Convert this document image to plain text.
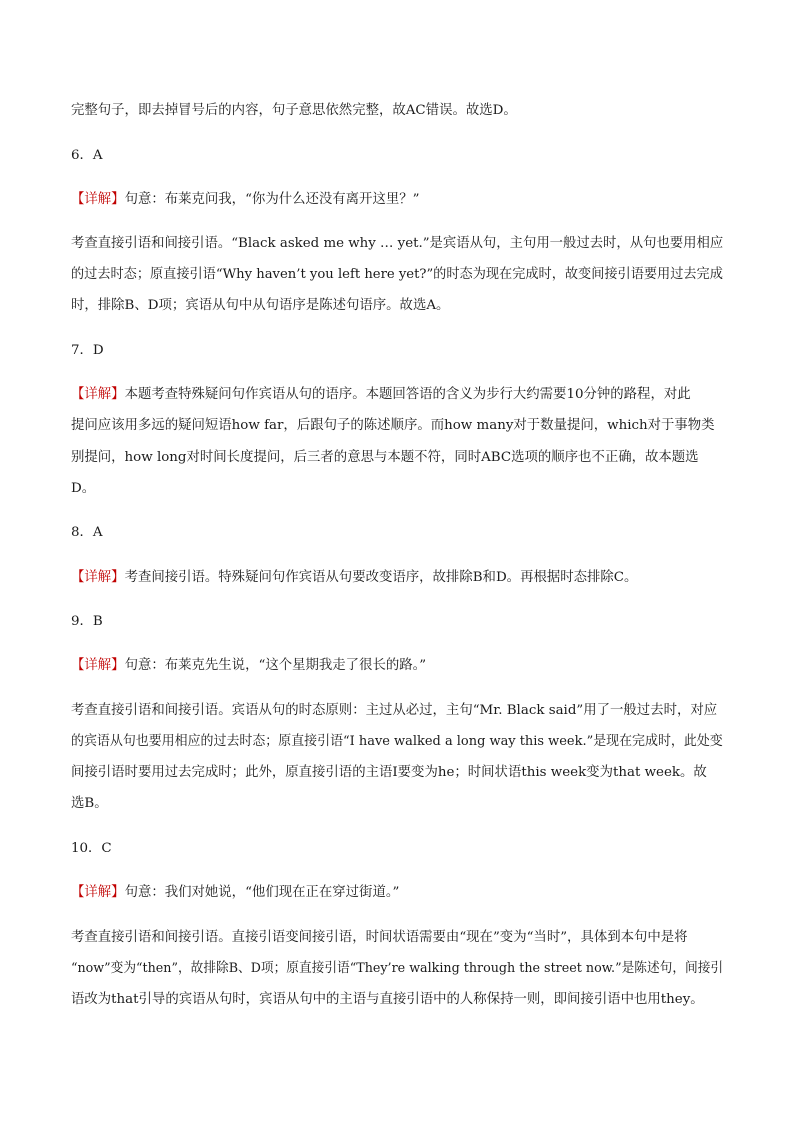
完整句子，即去掉冒号后的内容，句子意思依然完整，故AC错误。故选D。
6．A
【详解】句意：布莱克问我，“你为什么还没有离开这里？”
考查直接引语和间接引语。“Black asked me why … yet.”是宾语从句，主句用一般过去时，从句也要用相应
的过去时态；原直接引语“Why haven’t you left here yet?”的时态为现在完成时，故变间接引语要用过去完成
时，排除B、D项；宾语从句中从句语序是陈述句语序。故选A。
7．D
【详解】本题考查特殊疑问句作宾语从句的语序。本题回答语的含义为步行大约需要10分钟的路程，对此
提问应该用多远的疑问短语how far，后跟句子的陈述顺序。而how many对于数量提问，which对于事物类
别提问，how long对时间长度提问，后三者的意思与本题不符，同时ABC选项的顺序也不正确，故本题选
D。
8．A
【详解】考查间接引语。特殊疑问句作宾语从句要改变语序，故排除B和D。再根据时态排除C。
9．B
【详解】句意：布莱克先生说，“这个星期我走了很长的路。”
考查直接引语和间接引语。宾语从句的时态原则：主过从必过，主句“Mr. Black said”用了一般过去时，对应
的宾语从句也要用相应的过去时态；原直接引语“I have walked a long way this week.”是现在完成时，此处变
间接引语时要用过去完成时；此外，原直接引语的主语I要变为he；时间状语this week变为that week。故
选B。
10．C
【详解】句意：我们对她说，“他们现在正在穿过街道。”
考查直接引语和间接引语。直接引语变间接引语，时间状语需要由“现在”变为“当时”，具体到本句中是将
“now”变为“then”，故排除B、D项；原直接引语“They’re walking through the street now.”是陈述句，间接引
语改为that引导的宾语从句时，宾语从句中的主语与直接引语中的人称保持一则，即间接引语中也用they。
